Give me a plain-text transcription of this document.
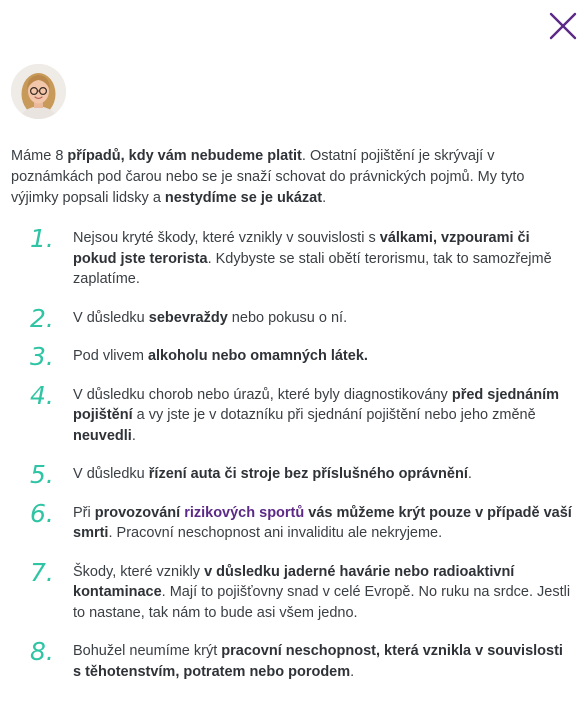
Máme 8 případů, kdy vám nebudeme platit. Ostatní pojištění je skrývají v poznámkách pod čarou nebo se je snaží schovat do právnických pojmů. My tyto výjimky popsali lidsky a nestydíme se je ukázat.

1. Nejsou kryté škody, které vznikly v souvislosti s válkami, vzpourami či pokud jste terorista. Kdybyste se stali obětí terorismu, tak to samozřejmě zaplatíme.
2. V důsledku sebevraždy nebo pokusu o ní.
3. Pod vlivem alkoholu nebo omamných látek.
4. V důsledku chorob nebo úrazů, které byly diagnostikovány před sjednáním pojištění a vy jste je v dotazníku při sjednání pojištění nebo jeho změně neuvedli.
5. V důsledku řízení auta či stroje bez příslušného oprávnění.
6. Při provozování rizikových sportů vás můžeme krýt pouze v případě vaší smrti. Pracovní neschopnost ani invaliditu ale nekryjeme.
7. Škody, které vznikly v důsledku jaderné havárie nebo radioaktivní kontaminace. Mají to pojišťovny snad v celé Evropě. No ruku na srdce. Jestli to nastane, tak nám to bude asi všem jedno.
8. Bohužel neumíme krýt pracovní neschopnost, která vznikla v souvislosti s těhotenstvím, potratem nebo porodem.
